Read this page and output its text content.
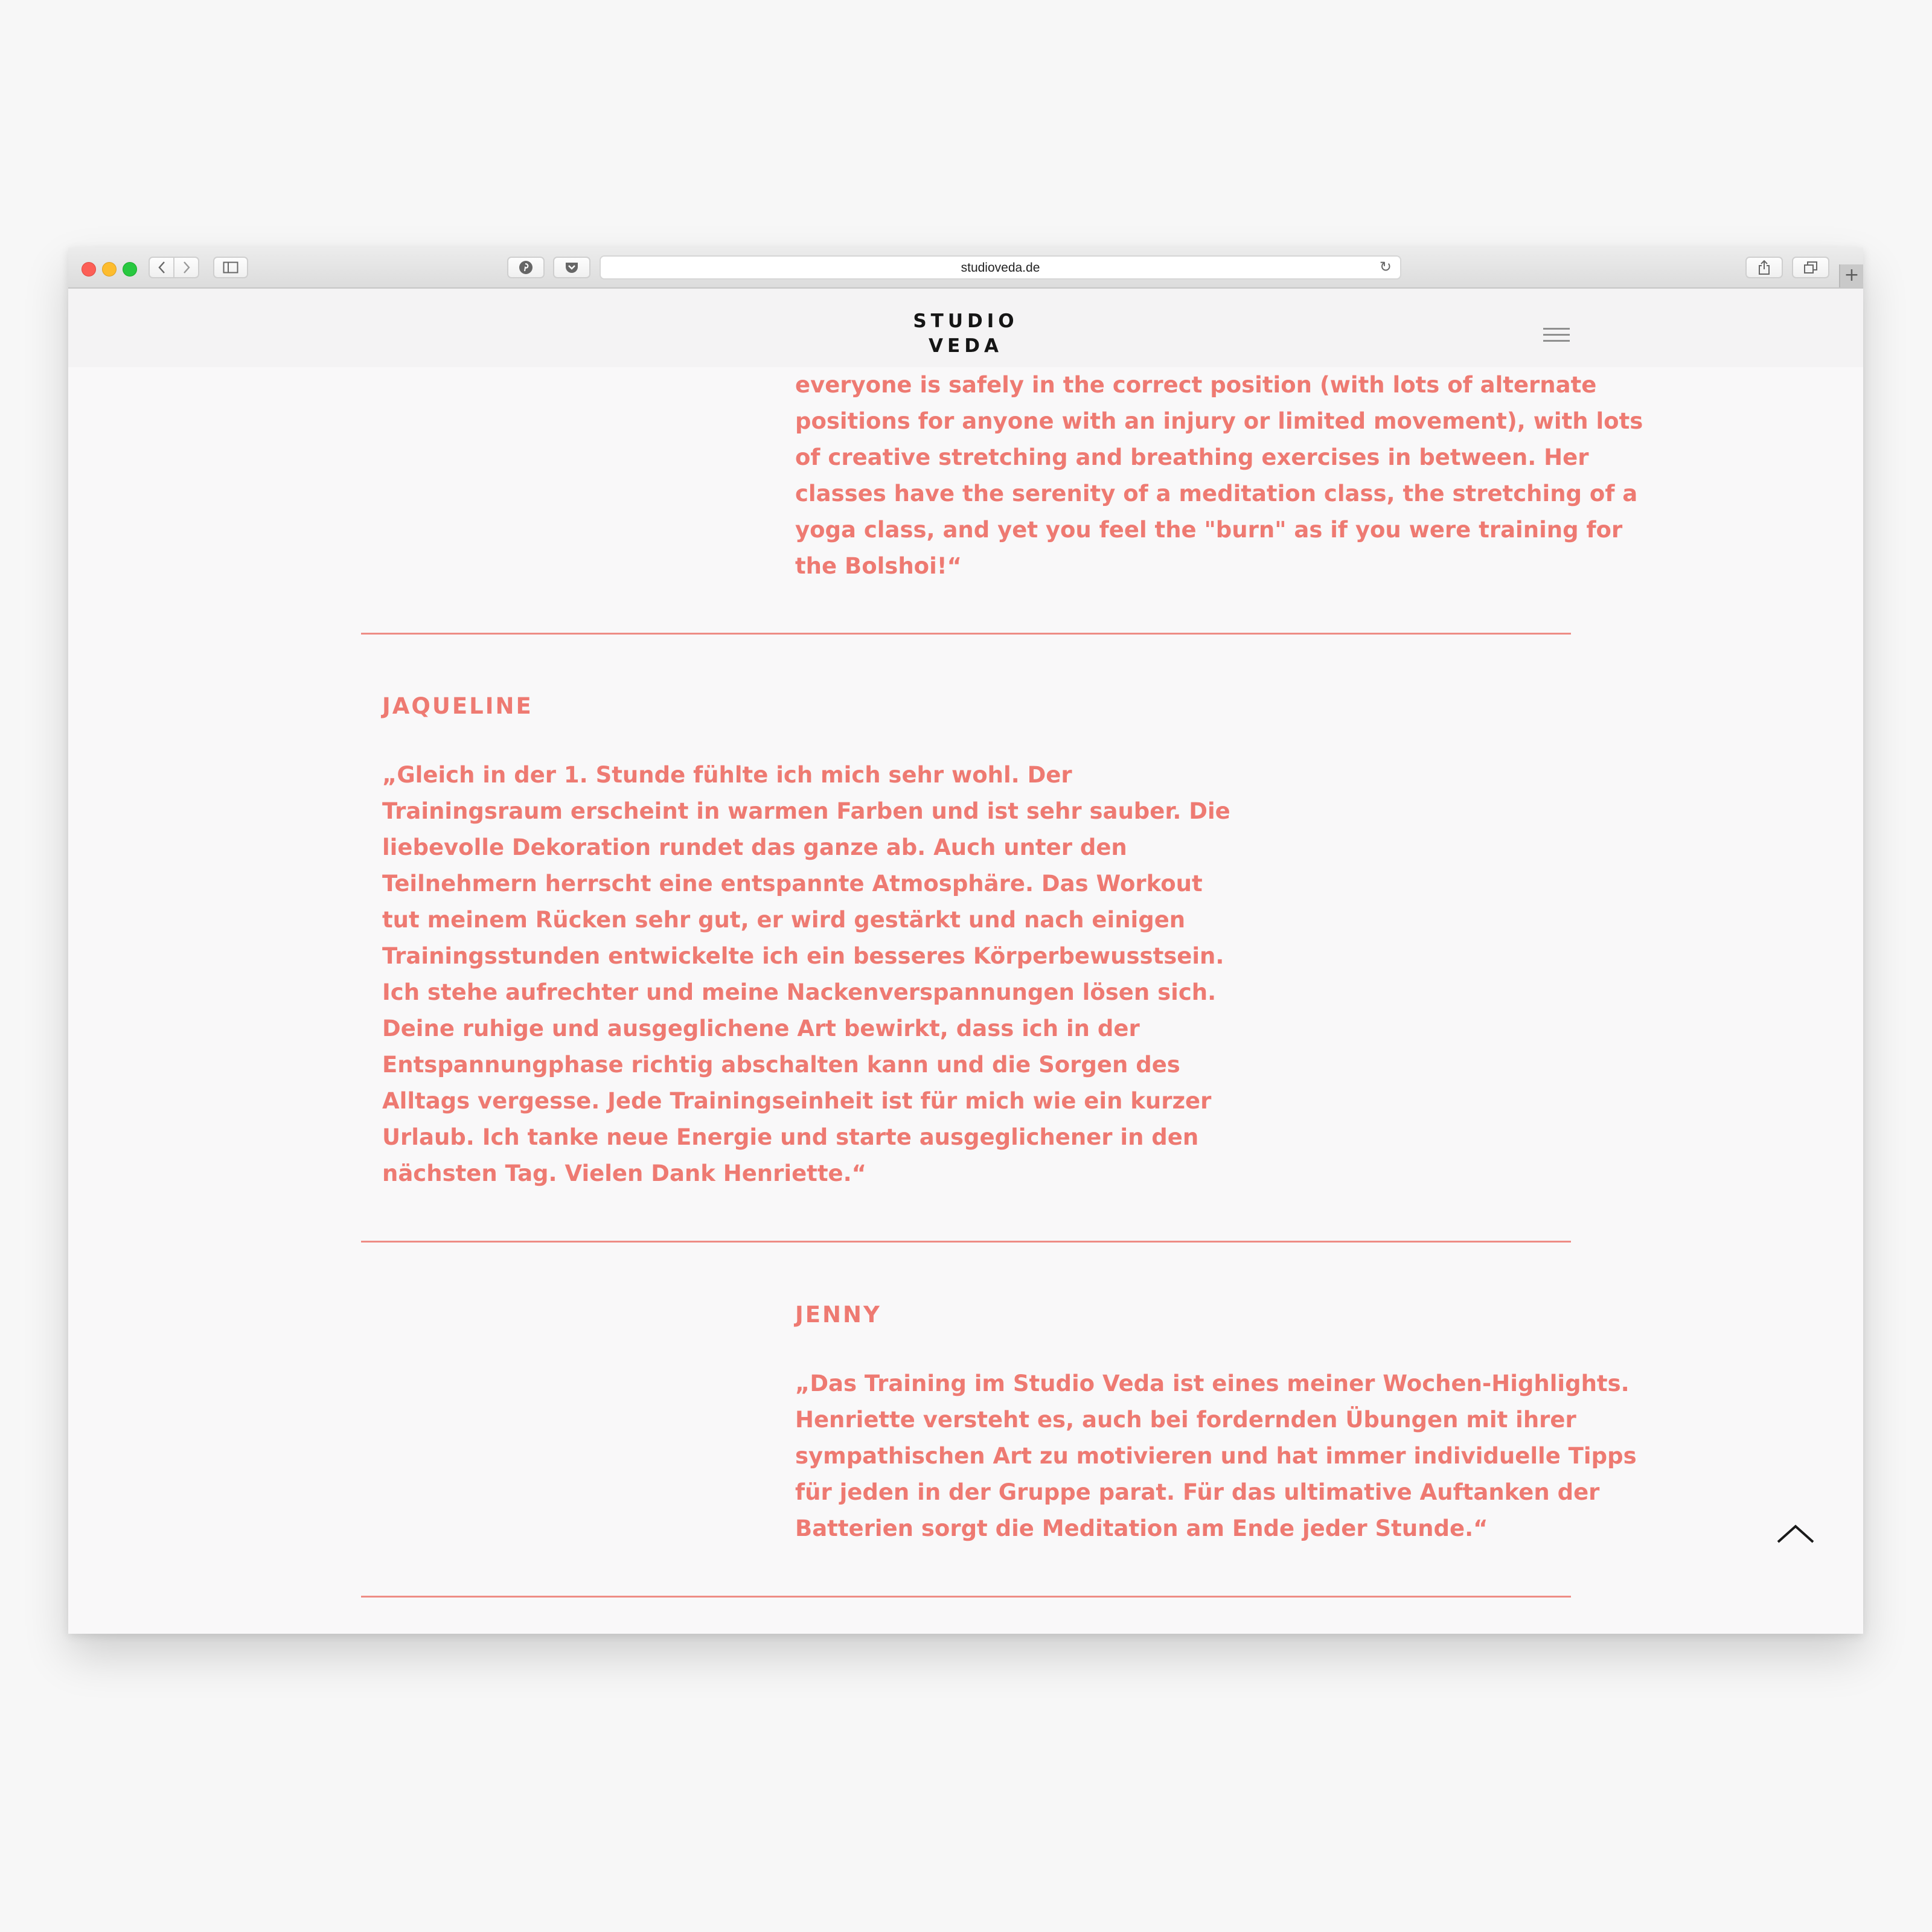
studioveda.de	↻	+
STUDIO
VEDA
everyone is safely in the correct position (with lots of alternate
positions for anyone with an injury or limited movement), with lots
of creative stretching and breathing exercises in between. Her
classes have the serenity of a meditation class, the stretching of a
yoga class, and yet you feel the "burn" as if you were training for
the Bolshoi!“
JAQUELINE
„Gleich in der 1. Stunde fühlte ich mich sehr wohl. Der
Trainingsraum erscheint in warmen Farben und ist sehr sauber. Die
liebevolle Dekoration rundet das ganze ab. Auch unter den
Teilnehmern herrscht eine entspannte Atmosphäre. Das Workout
tut meinem Rücken sehr gut, er wird gestärkt und nach einigen
Trainingsstunden entwickelte ich ein besseres Körperbewusstsein.
Ich stehe aufrechter und meine Nackenverspannungen lösen sich.
Deine ruhige und ausgeglichene Art bewirkt, dass ich in der
Entspannungphase richtig abschalten kann und die Sorgen des
Alltags vergesse. Jede Trainingseinheit ist für mich wie ein kurzer
Urlaub. Ich tanke neue Energie und starte ausgeglichener in den
nächsten Tag. Vielen Dank Henriette.“
JENNY
„Das Training im Studio Veda ist eines meiner Wochen-Highlights.
Henriette versteht es, auch bei fordernden Übungen mit ihrer
sympathischen Art zu motivieren und hat immer individuelle Tipps
für jeden in der Gruppe parat. Für das ultimative Auftanken der
Batterien sorgt die Meditation am Ende jeder Stunde.“
